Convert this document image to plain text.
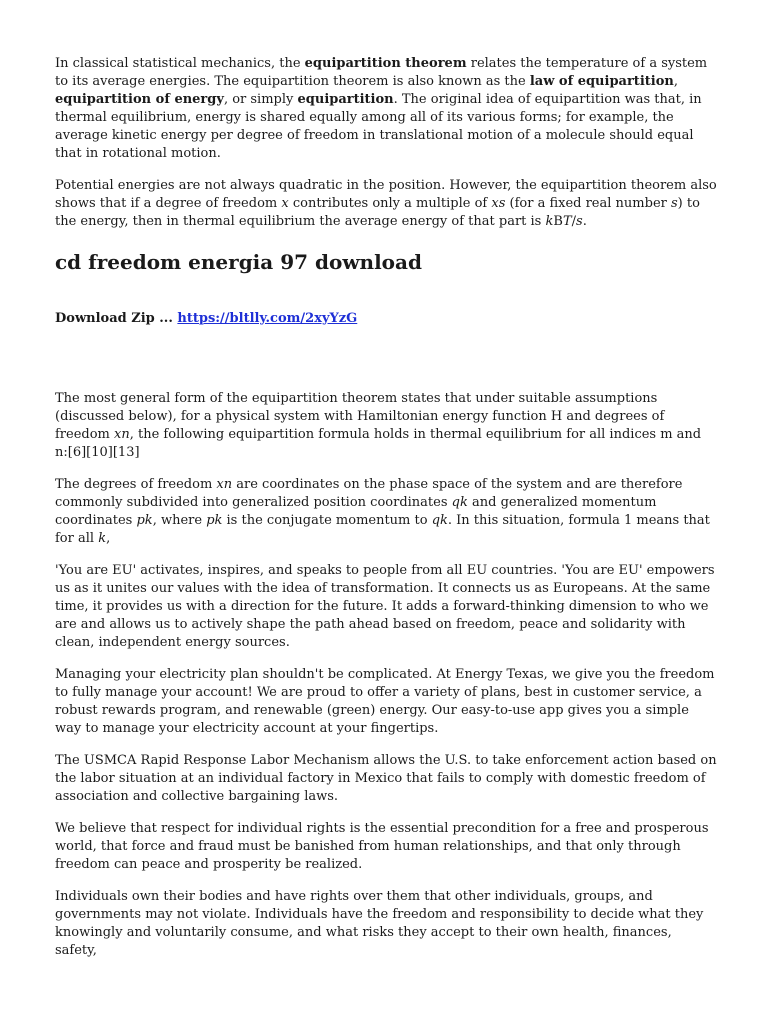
In classical statistical mechanics, the equipartition theorem relates the temperature of a system to its average energies. The equipartition theorem is also known as the law of equipartition, equipartition of energy, or simply equipartition. The original idea of equipartition was that, in thermal equilibrium, energy is shared equally among all of its various forms; for example, the average kinetic energy per degree of freedom in translational motion of a molecule should equal that in rotational motion.

Potential energies are not always quadratic in the position. However, the equipartition theorem also shows that if a degree of freedom x contributes only a multiple of xs (for a fixed real number s) to the energy, then in thermal equilibrium the average energy of that part is kBT/s.

cd freedom energia 97 download
Download Zip ... https://bltlly.com/2xyYzG

The most general form of the equipartition theorem states that under suitable assumptions (discussed below), for a physical system with Hamiltonian energy function H and degrees of freedom xn, the following equipartition formula holds in thermal equilibrium for all indices m and n:[6][10][13]

The degrees of freedom xn are coordinates on the phase space of the system and are therefore commonly subdivided into generalized position coordinates qk and generalized momentum coordinates pk, where pk is the conjugate momentum to qk. In this situation, formula 1 means that for all k,

'You are EU' activates, inspires, and speaks to people from all EU countries. 'You are EU' empowers us as it unites our values with the idea of transformation. It connects us as Europeans. At the same time, it provides us with a direction for the future. It adds a forward-thinking dimension to who we are and allows us to actively shape the path ahead based on freedom, peace and solidarity with clean, independent energy sources.

Managing your electricity plan shouldn't be complicated. At Energy Texas, we give you the freedom to fully manage your account! We are proud to offer a variety of plans, best in customer service, a robust rewards program, and renewable (green) energy. Our easy-to-use app gives you a simple way to manage your electricity account at your fingertips.

The USMCA Rapid Response Labor Mechanism allows the U.S. to take enforcement action based on the labor situation at an individual factory in Mexico that fails to comply with domestic freedom of association and collective bargaining laws.

We believe that respect for individual rights is the essential precondition for a free and prosperous world, that force and fraud must be banished from human relationships, and that only through freedom can peace and prosperity be realized.

Individuals own their bodies and have rights over them that other individuals, groups, and governments may not violate. Individuals have the freedom and responsibility to decide what they knowingly and voluntarily consume, and what risks they accept to their own health, finances, safety,
